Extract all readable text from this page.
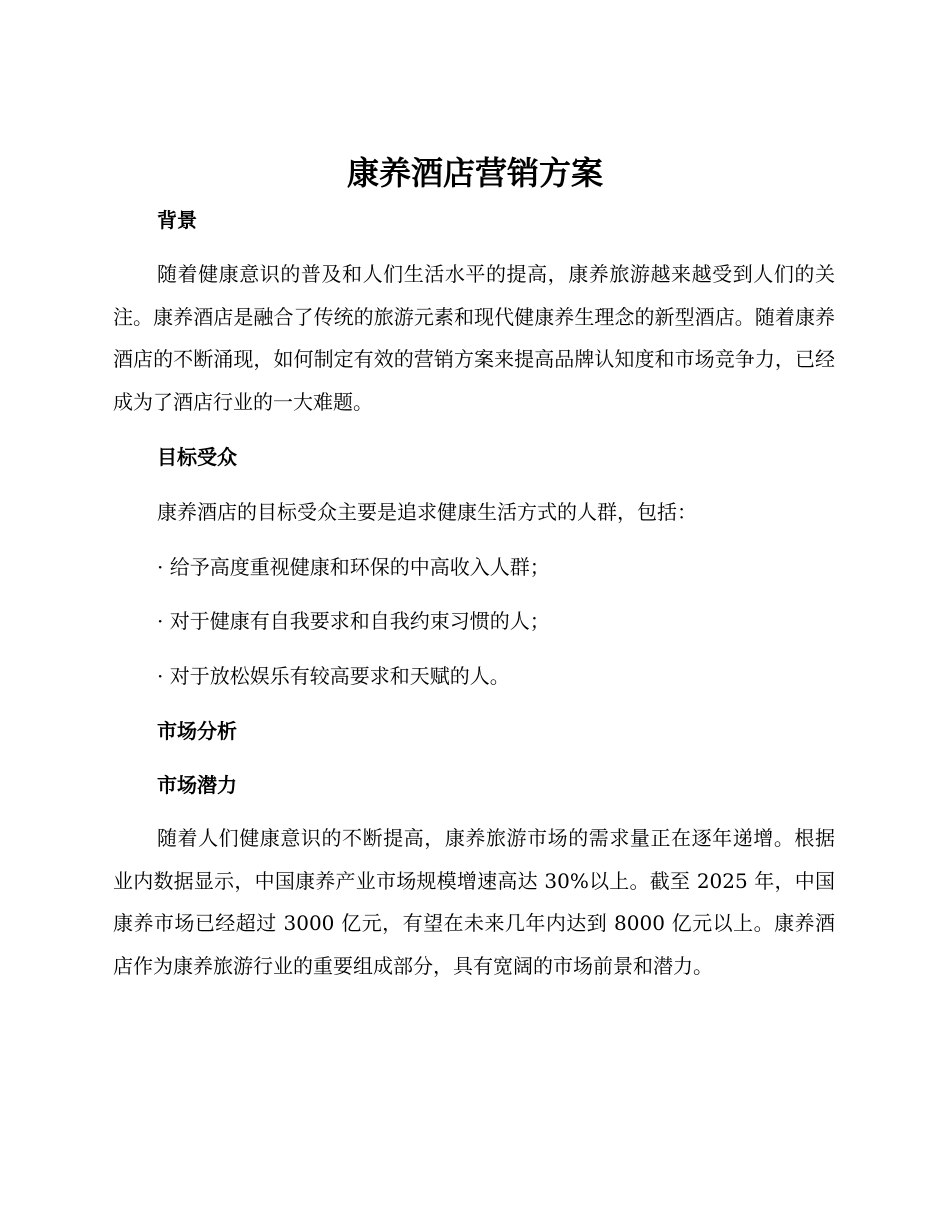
康养酒店营销方案
背景

随着健康意识的普及和人们生活水平的提高，康养旅游越来越受到人们的关注。康养酒店是融合了传统的旅游元素和现代健康养生理念的新型酒店。随着康养酒店的不断涌现，如何制定有效的营销方案来提高品牌认知度和市场竞争力，已经成为了酒店行业的一大难题。

目标受众

康养酒店的目标受众主要是追求健康生活方式的人群，包括：

· 给予高度重视健康和环保的中高收入人群；

· 对于健康有自我要求和自我约束习惯的人；

· 对于放松娱乐有较高要求和天赋的人。

市场分析
市场潜力

随着人们健康意识的不断提高，康养旅游市场的需求量正在逐年递增。根据业内数据显示，中国康养产业市场规模增速高达 30%以上。截至 2025 年，中国康养市场已经超过 3000 亿元，有望在未来几年内达到 8000 亿元以上。康养酒店作为康养旅游行业的重要组成部分，具有宽阔的市场前景和潜力。
